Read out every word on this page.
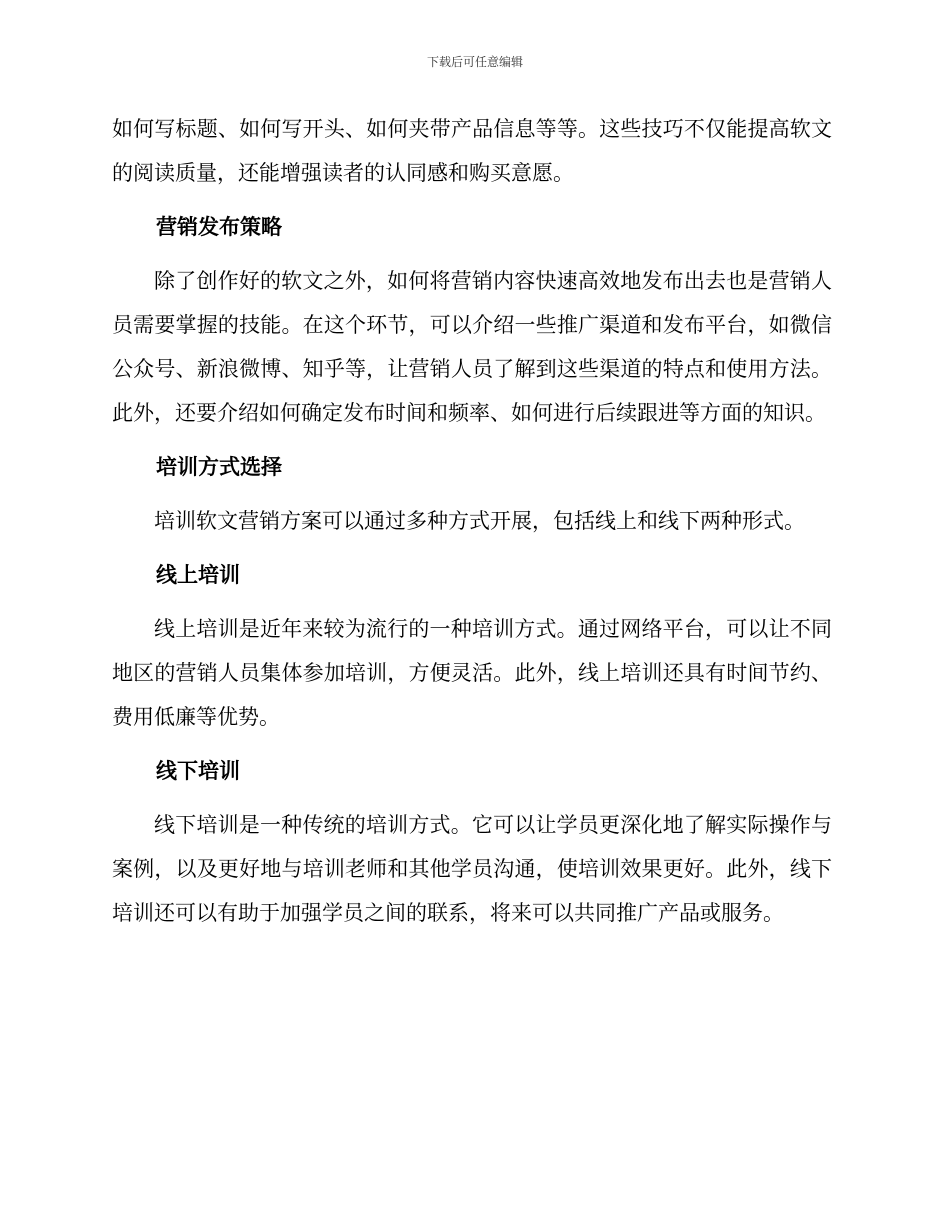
下载后可任意编辑

如何写标题、如何写开头、如何夹带产品信息等等。这些技巧不仅能提高软文的阅读质量，还能增强读者的认同感和购买意愿。

营销发布策略

除了创作好的软文之外，如何将营销内容快速高效地发布出去也是营销人员需要掌握的技能。在这个环节，可以介绍一些推广渠道和发布平台，如微信公众号、新浪微博、知乎等，让营销人员了解到这些渠道的特点和使用方法。此外，还要介绍如何确定发布时间和频率、如何进行后续跟进等方面的知识。

培训方式选择

培训软文营销方案可以通过多种方式开展，包括线上和线下两种形式。

线上培训

线上培训是近年来较为流行的一种培训方式。通过网络平台，可以让不同地区的营销人员集体参加培训，方便灵活。此外，线上培训还具有时间节约、费用低廉等优势。

线下培训

线下培训是一种传统的培训方式。它可以让学员更深化地了解实际操作与案例，以及更好地与培训老师和其他学员沟通，使培训效果更好。此外，线下培训还可以有助于加强学员之间的联系，将来可以共同推广产品或服务。
